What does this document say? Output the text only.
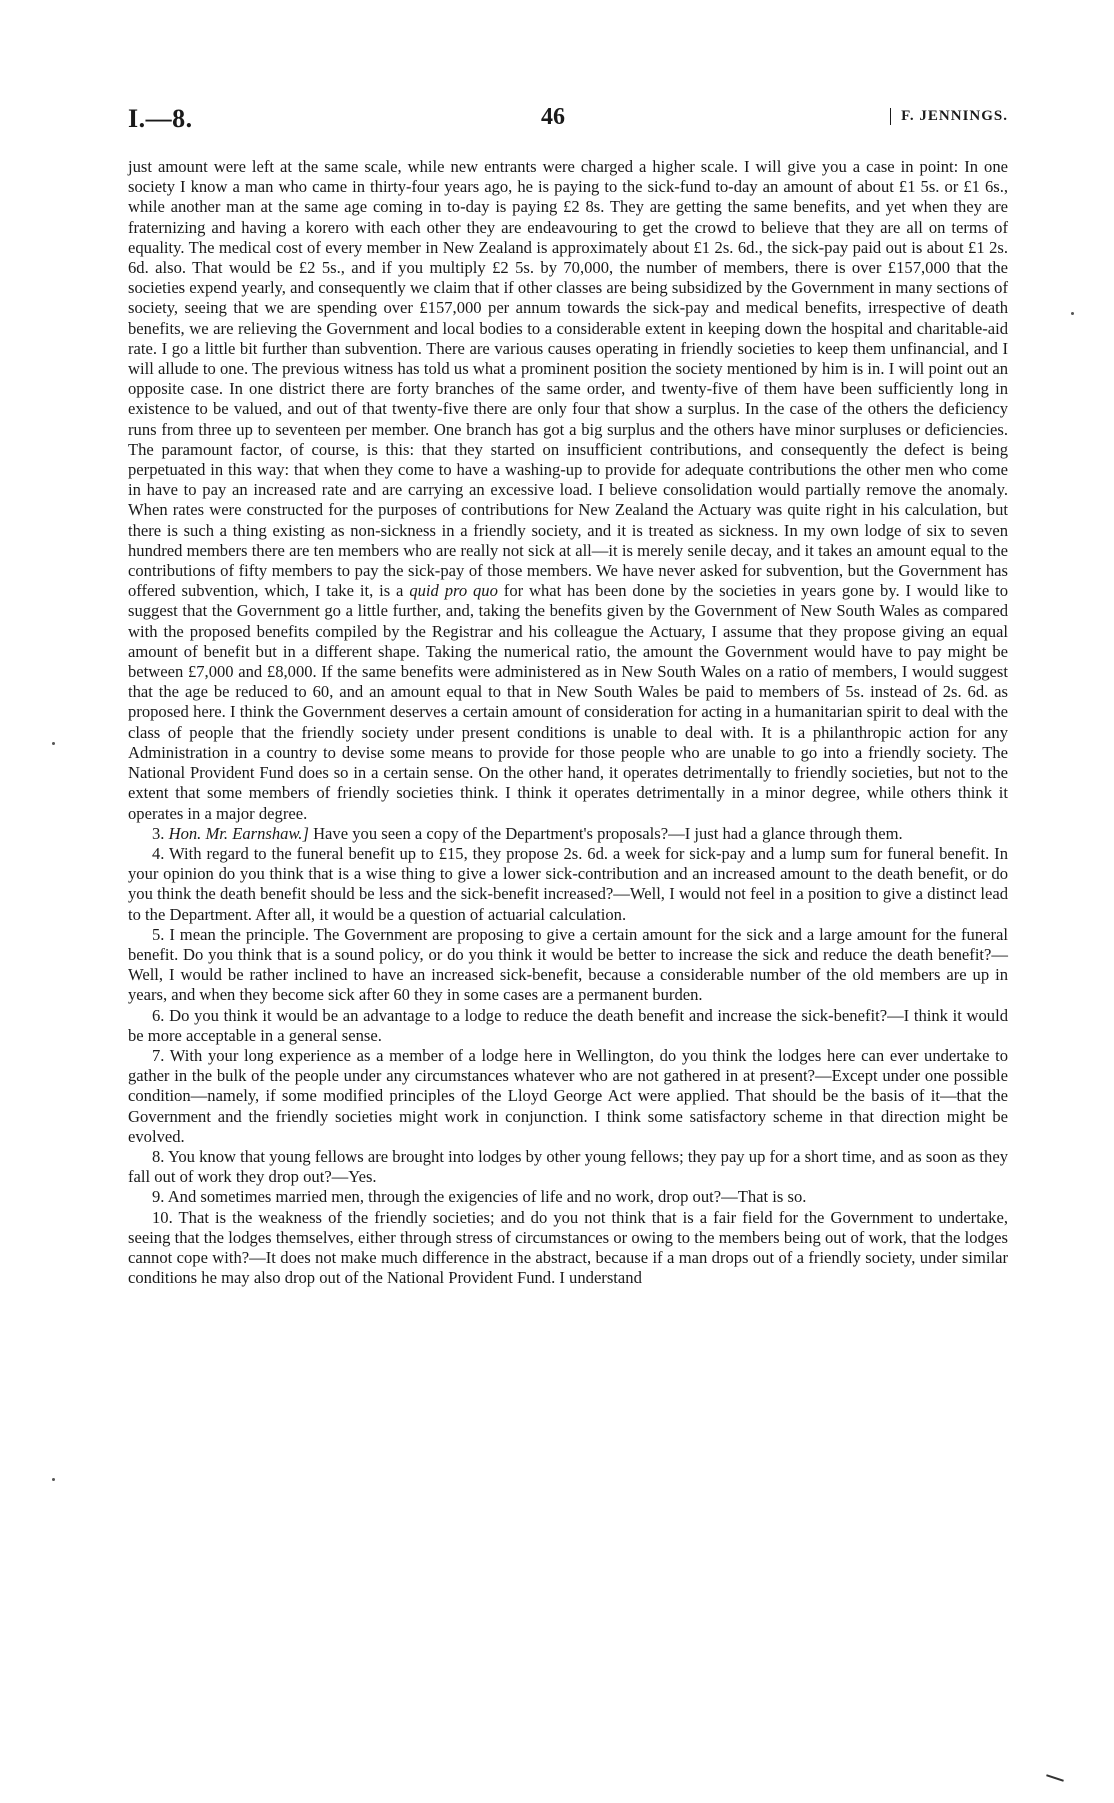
I.—8.	46	F. JENNINGS.

just amount were left at the same scale, while new entrants were charged a higher scale. I will give you a case in point: In one society I know a man who came in thirty-four years ago, he is paying to the sick-fund to-day an amount of about £1 5s. or £1 6s., while another man at the same age coming in to-day is paying £2 8s. They are getting the same benefits, and yet when they are fraternizing and having a korero with each other they are endeavouring to get the crowd to believe that they are all on terms of equality. The medical cost of every member in New Zealand is approximately about £1 2s. 6d., the sick-pay paid out is about £1 2s. 6d. also. That would be £2 5s., and if you multiply £2 5s. by 70,000, the number of members, there is over £157,000 that the societies expend yearly, and consequently we claim that if other classes are being subsidized by the Government in many sections of society, seeing that we are spending over £157,000 per annum towards the sick-pay and medical benefits, irrespective of death benefits, we are relieving the Government and local bodies to a considerable extent in keeping down the hospital and charitable-aid rate. I go a little bit further than subvention. There are various causes operating in friendly societies to keep them unfinancial, and I will allude to one. The previous witness has told us what a prominent position the society mentioned by him is in. I will point out an opposite case. In one district there are forty branches of the same order, and twenty-five of them have been sufficiently long in existence to be valued, and out of that twenty-five there are only four that show a surplus. In the case of the others the deficiency runs from three up to seventeen per member. One branch has got a big surplus and the others have minor surpluses or deficiencies. The paramount factor, of course, is this: that they started on insufficient contributions, and consequently the defect is being perpetuated in this way: that when they come to have a washing-up to provide for adequate contributions the other men who come in have to pay an increased rate and are carrying an excessive load. I believe consolidation would partially remove the anomaly. When rates were constructed for the purposes of contributions for New Zealand the Actuary was quite right in his calculation, but there is such a thing existing as non-sickness in a friendly society, and it is treated as sickness. In my own lodge of six to seven hundred members there are ten members who are really not sick at all—it is merely senile decay, and it takes an amount equal to the contributions of fifty members to pay the sick-pay of those members. We have never asked for subvention, but the Government has offered subvention, which, I take it, is a quid pro quo for what has been done by the societies in years gone by. I would like to suggest that the Government go a little further, and, taking the benefits given by the Government of New South Wales as compared with the proposed benefits compiled by the Registrar and his colleague the Actuary, I assume that they propose giving an equal amount of benefit but in a different shape. Taking the numerical ratio, the amount the Government would have to pay might be between £7,000 and £8,000. If the same benefits were administered as in New South Wales on a ratio of members, I would suggest that the age be reduced to 60, and an amount equal to that in New South Wales be paid to members of 5s. instead of 2s. 6d. as proposed here. I think the Government deserves a certain amount of consideration for acting in a humanitarian spirit to deal with the class of people that the friendly society under present conditions is unable to deal with. It is a philanthropic action for any Administration in a country to devise some means to provide for those people who are unable to go into a friendly society. The National Provident Fund does so in a certain sense. On the other hand, it operates detrimentally to friendly societies, but not to the extent that some members of friendly societies think. I think it operates detrimentally in a minor degree, while others think it operates in a major degree.

3. Hon. Mr. Earnshaw.] Have you seen a copy of the Department's proposals?—I just had a glance through them.

4. With regard to the funeral benefit up to £15, they propose 2s. 6d. a week for sick-pay and a lump sum for funeral benefit. In your opinion do you think that is a wise thing to give a lower sick-contribution and an increased amount to the death benefit, or do you think the death benefit should be less and the sick-benefit increased?—Well, I would not feel in a position to give a distinct lead to the Department. After all, it would be a question of actuarial calculation.

5. I mean the principle. The Government are proposing to give a certain amount for the sick and a large amount for the funeral benefit. Do you think that is a sound policy, or do you think it would be better to increase the sick and reduce the death benefit?—Well, I would be rather inclined to have an increased sick-benefit, because a considerable number of the old members are up in years, and when they become sick after 60 they in some cases are a permanent burden.

6. Do you think it would be an advantage to a lodge to reduce the death benefit and increase the sick-benefit?—I think it would be more acceptable in a general sense.

7. With your long experience as a member of a lodge here in Wellington, do you think the lodges here can ever undertake to gather in the bulk of the people under any circumstances whatever who are not gathered in at present?—Except under one possible condition—namely, if some modified principles of the Lloyd George Act were applied. That should be the basis of it—that the Government and the friendly societies might work in conjunction. I think some satisfactory scheme in that direction might be evolved.

8. You know that young fellows are brought into lodges by other young fellows; they pay up for a short time, and as soon as they fall out of work they drop out?—Yes.

9. And sometimes married men, through the exigencies of life and no work, drop out?—That is so.

10. That is the weakness of the friendly societies; and do you not think that is a fair field for the Government to undertake, seeing that the lodges themselves, either through stress of circumstances or owing to the members being out of work, that the lodges cannot cope with?—It does not make much difference in the abstract, because if a man drops out of a friendly society, under similar conditions he may also drop out of the National Provident Fund. I understand
